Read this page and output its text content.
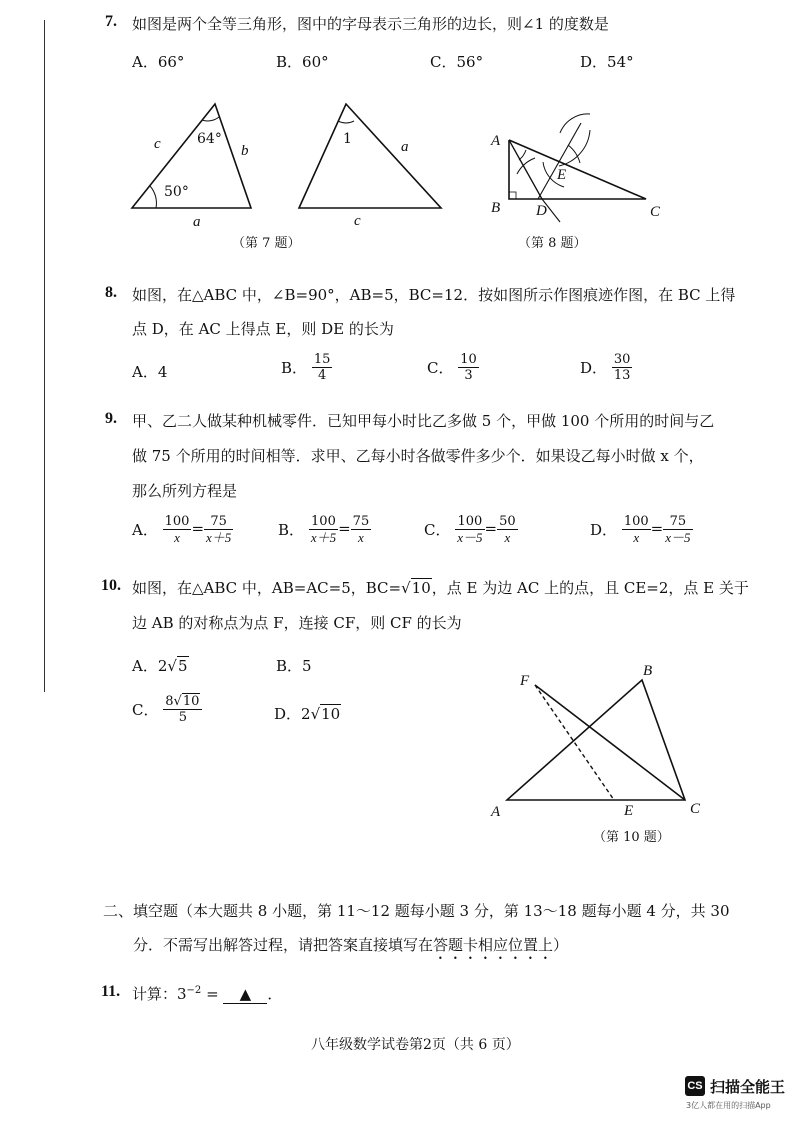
7. 如图是两个全等三角形，图中的字母表示三角形的边长，则∠1 的度数是
A．66°	B．60°	C．56°	D．54°
64°
50°
c	b
a
1	a
c
（第 7 题）
A
B D
E
C
（第 8 题）
8. 如图，在△ABC 中，∠B=90°，AB=5，BC=12．按如图所示作图痕迹作图，在 BC 上得
点 D，在 AC 上得点 E，则 DE 的长为
A．4	B． $\frac{15}{4}$	C． $\frac{10}{3}$	D． $\frac{30}{13}$
9. 甲、乙二人做某种机械零件．已知甲每小时比乙多做 5 个，甲做 100 个所用的时间与乙
做 75 个所用的时间相等．求甲、乙每小时各做零件多少个．如果设乙每小时做 x 个，
那么所列方程是
A． $\frac{100}{x} = \frac{75}{x+5}$	B． $\frac{100}{x+5} = \frac{75}{x}$	C． $\frac{100}{x-5} = \frac{50}{x}$	D． $\frac{100}{x} = \frac{75}{x-5}$
10. 如图，在△ABC 中，AB=AC=5，BC=√10，点 E 为边 AC 上的点，且 CE=2，点 E 关于
边 AB 的对称点为点 F，连接 CF，则 CF 的长为
A．2√5	B．5
C． $\frac{8√10}{5}$	D．2√10
F
B
A	E	C
（第 10 题）
二、填空题（本大题共 8 小题，第 11～12 题每小题 3 分，第 13～18 题每小题 4 分，共 30
分．不需写出解答过程，请把答案直接填写在答题卡相应位置上）
11. 计算：$3^{-2}$ = ▲ ．
八年级数学试卷第2页（共 6 页）
CS 扫描全能王
3亿人都在用的扫描App
